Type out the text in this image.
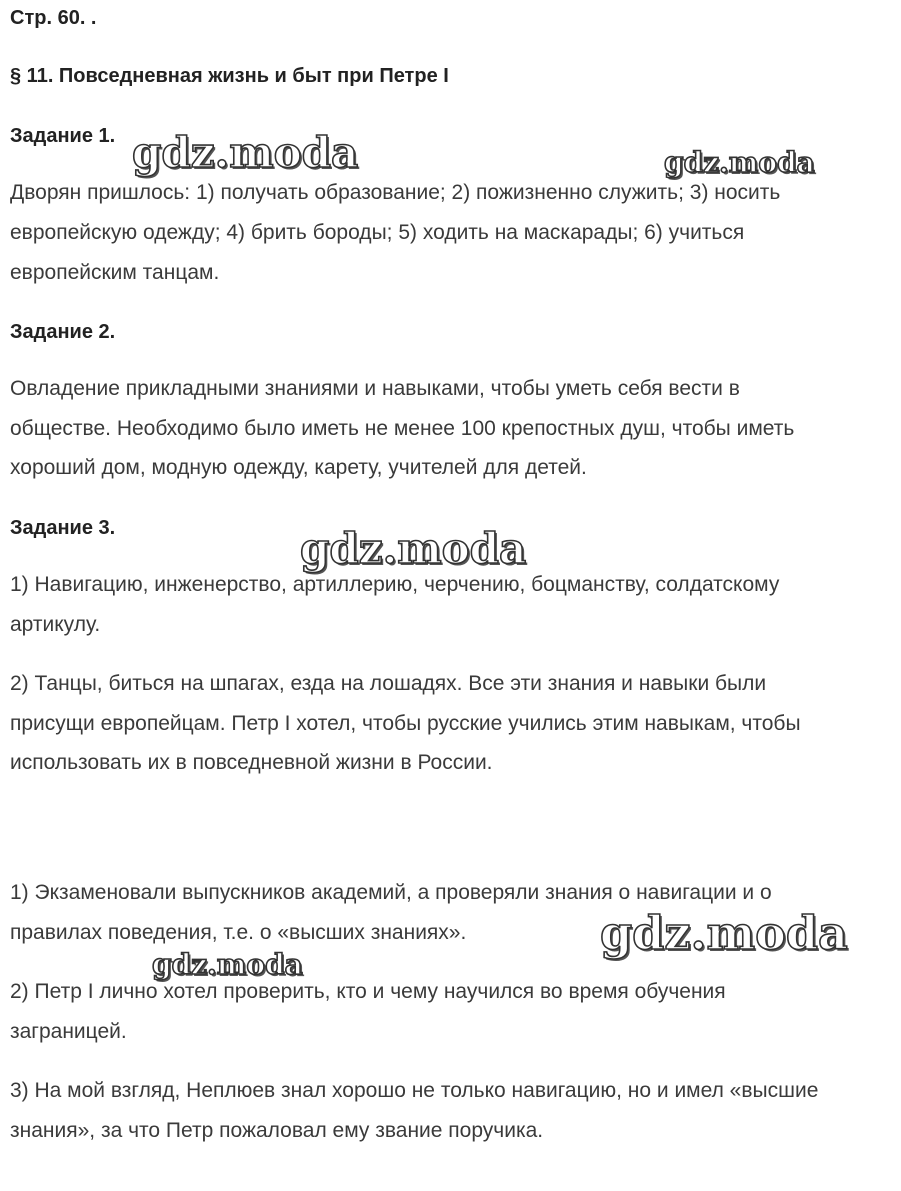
Стр. 60. .
§ 11. Повседневная жизнь и быт при Петре I
Задание 1.
Дворян пришлось: 1) получать образование; 2) пожизненно служить; 3) носить
европейскую одежду; 4) брить бороды; 5) ходить на маскарады; 6) учиться
европейским танцам.
Задание 2.
Овладение прикладными знаниями и навыками, чтобы уметь себя вести в
обществе. Необходимо было иметь не менее 100 крепостных душ, чтобы иметь
хороший дом, модную одежду, карету, учителей для детей.
Задание 3.
1) Навигацию, инженерство, артиллерию, черчению, боцманству, солдатскому
артикулу.
2) Танцы, биться на шпагах, езда на лошадях. Все эти знания и навыки были
присущи европейцам. Петр I хотел, чтобы русские учились этим навыкам, чтобы
использовать их в повседневной жизни в России.
1) Экзаменовали выпускников академий, а проверяли знания о навигации и о
правилах поведения, т.е. о «высших знаниях».
2) Петр I лично хотел проверить, кто и чему научился во время обучения
заграницей.
3) На мой взгляд, Неплюев знал хорошо не только навигацию, но и имел «высшие
знания», за что Петр пожаловал ему звание поручика.
gdz.moda	gdz.moda
gdz.moda
gdz.moda
gdz.moda
